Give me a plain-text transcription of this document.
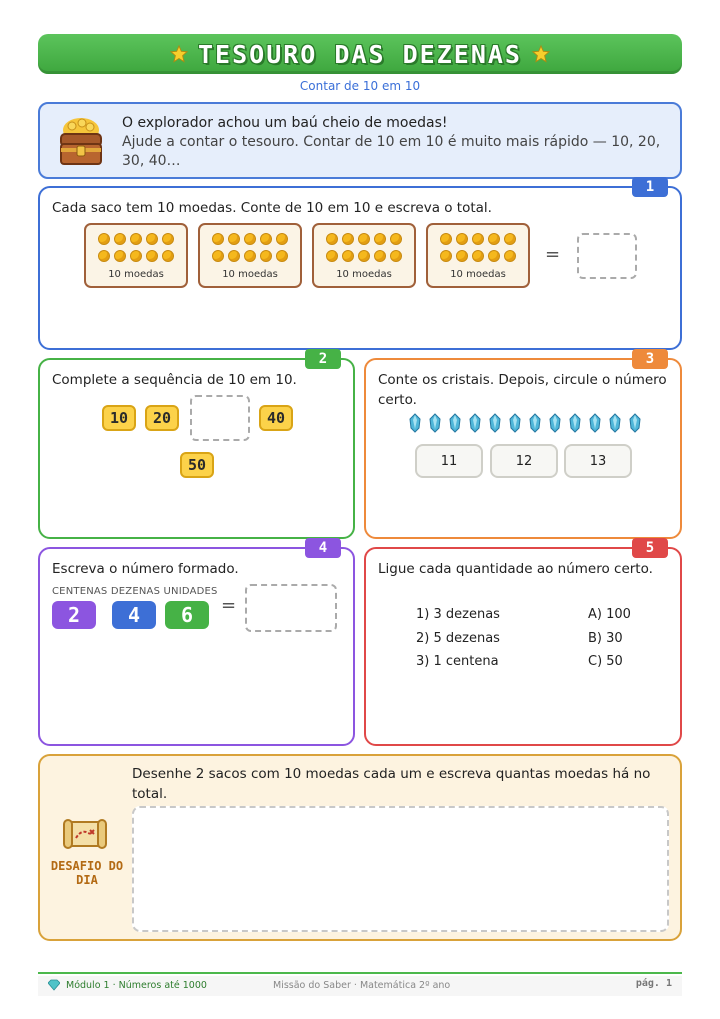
TESOURO DAS DEZENAS
Contar de 10 em 10
O explorador achou um baú cheio de moedas!
Ajude a contar o tesouro. Contar de 10 em 10 é muito mais rápido — 10, 20, 30, 40…
1
Cada saco tem 10 moedas. Conte de 10 em 10 e escreva o total.
10 moedas	10 moedas	10 moedas	10 moedas
=
2
Complete a sequência de 10 em 10.
10	20	40
50
3
Conte os cristais. Depois, circule o número certo.
11	12	13
4
Escreva o número formado.
CENTENAS DEZENAS UNIDADES
2	4	6	=
5
Ligue cada quantidade ao número certo.
1) 3 dezenas
2) 5 dezenas
3) 1 centena
A) 100
B) 30
C) 50
DESAFIO DO DIA
Desenhe 2 sacos com 10 moedas cada um e escreva quantas moedas há no total.
Módulo 1 · Números até 1000	Missão do Saber · Matemática 2º ano	pág. 1
